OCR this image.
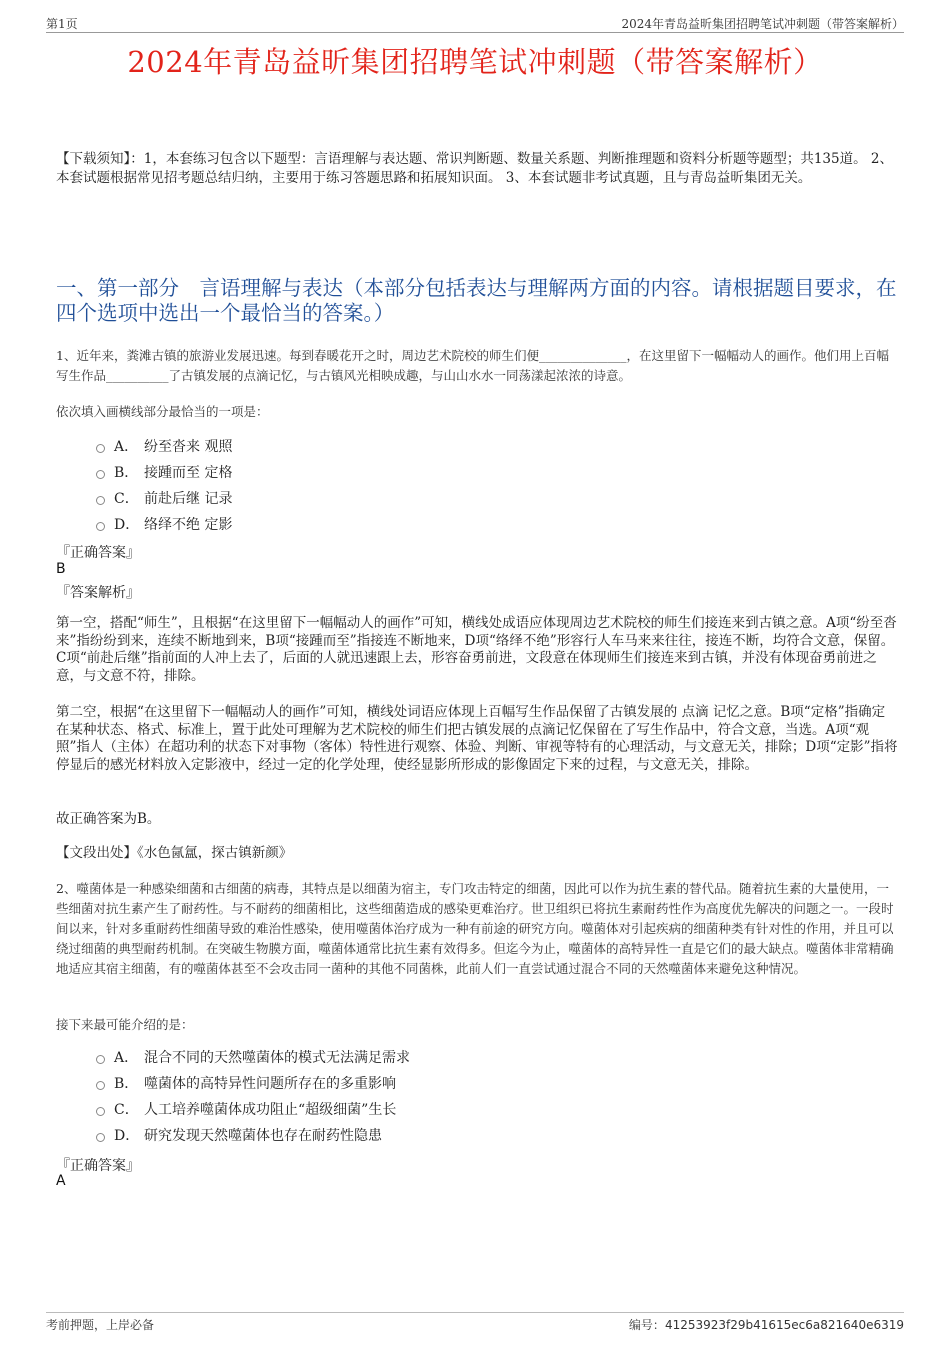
第1页	2024年青岛益昕集团招聘笔试冲刺题（带答案解析）
2024年青岛益昕集团招聘笔试冲刺题（带答案解析）
【下载须知】：1，本套练习包含以下题型：言语理解与表达题、常识判断题、数量关系题、判断推理题和资料分析题等题型；共135道。 2、本套试题根据常见招考题总结归纳，主要用于练习答题思路和拓展知识面。 3、本套试题非考试真题，且与青岛益昕集团无关。
一、第一部分　言语理解与表达（本部分包括表达与理解两方面的内容。请根据题目要求，在四个选项中选出一个最恰当的答案。）
1、近年来，粪滩古镇的旅游业发展迅速。每到春暖花开之时，周边艺术院校的师生们便______________，在这里留下一幅幅动人的画作。他们用上百幅写生作品__________了古镇发展的点滴记忆，与古镇风光相映成趣，与山山水水一同荡漾起浓浓的诗意。
依次填入画横线部分最恰当的一项是：
A． 纷至沓来 观照
B． 接踵而至 定格
C． 前赴后继 记录
D． 络绎不绝 定影
『正确答案』
B
『答案解析』
第一空，搭配“师生”，且根据“在这里留下一幅幅动人的画作”可知，横线处成语应体现周边艺术院校的师生们接连来到古镇之意。A项“纷至沓来”指纷纷到来，连续不断地到来，B项“接踵而至”指接连不断地来，D项“络绎不绝”形容行人车马来来往往，接连不断，均符合文意，保留。C项“前赴后继”指前面的人冲上去了，后面的人就迅速跟上去，形容奋勇前进，文段意在体现师生们接连来到古镇，并没有体现奋勇前进之意，与文意不符，排除。
第二空，根据“在这里留下一幅幅动人的画作”可知，横线处词语应体现上百幅写生作品保留了古镇发展的 点滴 记忆之意。B项“定格”指确定在某种状态、格式、标准上，置于此处可理解为艺术院校的师生们把古镇发展的点滴记忆保留在了写生作品中，符合文意，当选。A项“观照”指人（主体）在超功利的状态下对事物（客体）特性进行观察、体验、判断、审视等特有的心理活动，与文意无关，排除；D项“定影”指将停显后的感光材料放入定影液中，经过一定的化学处理，使经显影所形成的影像固定下来的过程，与文意无关，排除。
故正确答案为B。
【文段出处】《水色氤氲，探古镇新颜》
2、噬菌体是一种感染细菌和古细菌的病毒，其特点是以细菌为宿主，专门攻击特定的细菌，因此可以作为抗生素的替代品。随着抗生素的大量使用，一些细菌对抗生素产生了耐药性。与不耐药的细菌相比，这些细菌造成的感染更难治疗。世卫组织已将抗生素耐药性作为高度优先解决的问题之一。一段时间以来，针对多重耐药性细菌导致的难治性感染，使用噬菌体治疗成为一种有前途的研究方向。噬菌体对引起疾病的细菌种类有针对性的作用，并且可以绕过细菌的典型耐药机制。在突破生物膜方面，噬菌体通常比抗生素有效得多。但迄今为止，噬菌体的高特异性一直是它们的最大缺点。噬菌体非常精确地适应其宿主细菌，有的噬菌体甚至不会攻击同一菌种的其他不同菌株，此前人们一直尝试通过混合不同的天然噬菌体来避免这种情况。
接下来最可能介绍的是：
A． 混合不同的天然噬菌体的模式无法满足需求
B． 噬菌体的高特异性问题所存在的多重影响
C． 人工培养噬菌体成功阻止“超级细菌”生长
D． 研究发现天然噬菌体也存在耐药性隐患
『正确答案』
A
考前押题，上岸必备	编号：41253923f29b41615ec6a821640e6319
